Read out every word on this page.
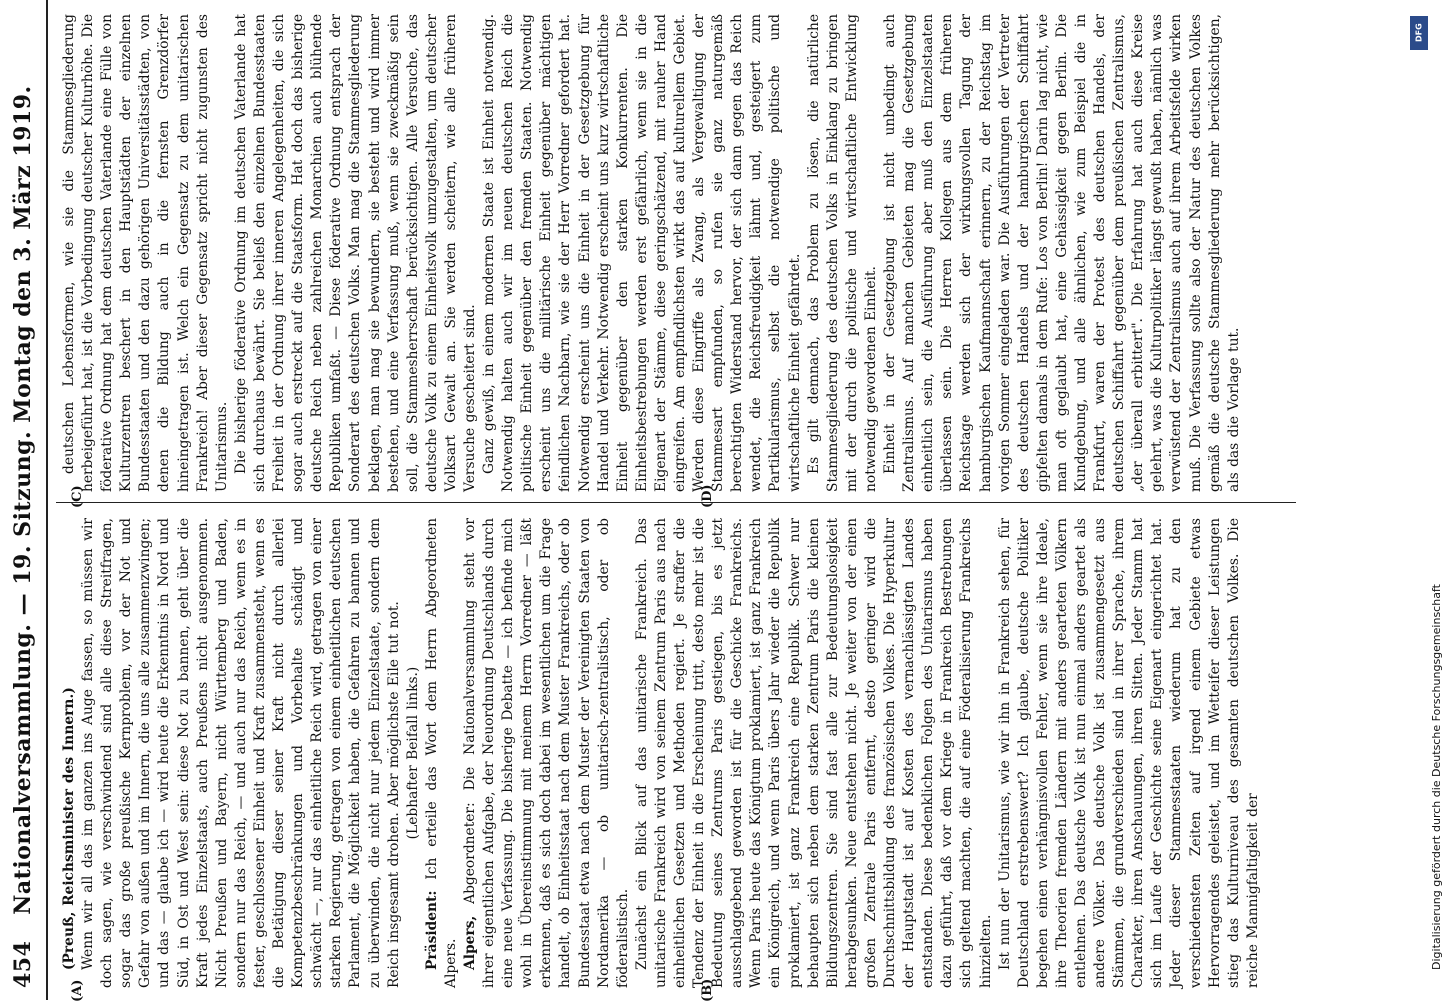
454
Nationalversammlung. — 19. Sitzung. Montag den 3. März 1919.
(A)	(B)
(C)	(D)

(Preuß, Reichsminister des Innern.) Wenn wir all das im ganzen ins Auge fassen, so müssen wir doch sagen, wie verschwindend sind alle diese Streitfragen, sogar das große preußische Kernproblem, vor der Not und Gefahr von außen und im Innern, die uns alle zusammenzwingen; und das — glaube ich — wird heute die Erkenntnis in Nord und Süd, in Ost und West sein: diese Not zu bannen, geht über die Kraft jedes Einzelstaats, auch Preußens nicht ausgenommen. Nicht Preußen und Bayern, nicht Württemberg und Baden, sondern nur das Reich, — und auch nur das Reich, wenn es in fester, geschlossener Einheit und Kraft zusammensteht, wenn es die Betätigung dieser seiner Kraft nicht durch allerlei Kompetenzbeschränkungen und Vorbehalte schädigt und schwächt —, nur das einheitliche Reich wird, getragen von einer starken Regierung, getragen von einem einheitlichen deutschen Parlament, die Möglichkeit haben, die Gefahren zu bannen und zu überwinden, die nicht nur jedem Einzelstaate, sondern dem Reich insgesamt drohen. Aber möglichste Eile tut not. (Lebhafter Beifall links.)

Präsident: Ich erteile das Wort dem Herrn Abgeordneten Alpers. Alpers, Abgeordneter: Die Nationalversammlung steht vor ihrer eigentlichen Aufgabe, der Neuordnung Deutschlands durch eine neue Verfassung. Die bisherige Debatte — ich befinde mich wohl in Übereinstimmung mit meinem Herrn Vorredner — läßt erkennen, daß es sich doch dabei im wesentlichen um die Frage handelt, ob Einheitsstaat nach dem Muster Frankreichs, oder ob Bundesstaat etwa nach dem Muster der Vereinigten Staaten von Nordamerika — ob unitarisch-zentralistisch, oder ob föderalistisch. Zunächst ein Blick auf das unitarische Frankreich. Das unitarische Frankreich wird von seinem Zentrum Paris aus nach einheitlichen Gesetzen und Methoden regiert. Je straffer die Tendenz der Einheit in die Erscheinung tritt, desto mehr ist die Bedeutung seines Zentrums Paris gestiegen, bis es jetzt ausschlaggebend geworden ist für die Geschicke Frankreichs. Wenn Paris heute das Königtum proklamiert, ist ganz Frankreich ein Königreich, und wenn Paris übers Jahr wieder die Republik proklamiert, ist ganz Frankreich eine Republik. Schwer nur behaupten sich neben dem starken Zentrum Paris die kleinen Bildungszentren. Sie sind fast alle zur Bedeutungslosigkeit herabgesunken. Neue entstehen nicht. Je weiter von der einen großen Zentrale Paris entfernt, desto geringer wird die Durchschnittsbildung des französischen Volkes. Die Hyperkultur der Hauptstadt ist auf Kosten des vernachlässigten Landes entstanden. Diese bedenklichen Folgen des Unitarismus haben dazu geführt, daß vor dem Kriege in Frankreich Bestrebungen sich geltend machten, die auf eine Föderalisierung Frankreichs hinzielten. Ist nun der Unitarismus, wie wir ihn in Frankreich sehen, für Deutschland erstrebenswert? Ich glaube, deutsche Politiker begehen einen verhängnisvollen Fehler, wenn sie ihre Ideale, ihre Theorien fremden Ländern mit anders gearteten Völkern entlehnen. Das deutsche Volk ist nun einmal anders geartet als andere Völker. Das deutsche Volk ist zusammengesetzt aus Stämmen, die grundverschieden sind in ihrer Sprache, ihrem Charakter, ihren Anschauungen, ihren Sitten. Jeder Stamm hat sich im Laufe der Geschichte seine Eigenart eingerichtet hat. Jeder dieser Stammesstaaten wiederum hat zu den verschiedensten Zeiten auf irgend einem Gebiete etwas Hervorragendes geleistet, und im Wetteifer dieser Leistungen stieg das Kulturniveau des gesamten deutschen Volkes. Die reiche Mannigfaltigkeit der

deutschen Lebensformen, wie sie die Stammesgliederung herbeigeführt hat, ist die Vorbedingung deutscher Kulturhöhe. Die föderative Ordnung hat dem deutschen Vaterlande eine Fülle von Kulturzentren beschert in den Hauptstädten der einzelnen Bundesstaaten und den dazu gehörigen Universitätsstädten, von denen die Bildung auch in die fernsten Grenzdörfer hineingetragen ist. Welch ein Gegensatz zu dem unitarischen Frankreich! Aber dieser Gegensatz spricht nicht zugunsten des Unitarismus. Die bisherige föderative Ordnung im deutschen Vaterlande hat sich durchaus bewährt. Sie beließ den einzelnen Bundesstaaten Freiheit in der Ordnung ihrer inneren Angelegenheiten, die sich sogar auch erstreckt auf die Staatsform. Hat doch das bisherige deutsche Reich neben zahlreichen Monarchien auch blühende Republiken umfaßt. — Diese föderative Ordnung entsprach der Sonderart des deutschen Volks. Man mag die Stammesgliederung beklagen, man mag sie bewundern, sie besteht und wird immer bestehen, und eine Verfassung muß, wenn sie zweckmäßig sein soll, die Stammesherrschaft berücksichtigen. Alle Versuche, das deutsche Volk zu einem Einheitsvolk umzugestalten, um deutscher Volksart Gewalt an. Sie werden scheitern, wie alle früheren Versuche gescheitert sind. Ganz gewiß, in einem modernen Staate ist Einheit notwendig. Notwendig halten auch wir im neuen deutschen Reich die politische Einheit gegenüber den fremden Staaten. Notwendig erscheint uns die militärische Einheit gegenüber mächtigen feindlichen Nachbarn, wie sie der Herr Vorredner gefordert hat. Notwendig erscheint uns die Einheit in der Gesetzgebung für Handel und Verkehr. Notwendig erscheint uns kurz wirtschaftliche Einheit gegenüber den starken Konkurrenten. Die Einheitsbestrebungen werden erst gefährlich, wenn sie in die Eigenart der Stämme, diese geringschätzend, mit rauher Hand eingreifen. Am empfindlichsten wirkt das auf kulturellem Gebiet. Werden diese Eingriffe als Zwang, als Vergewaltigung der Stammesart empfunden, so rufen sie ganz naturgemäß berechtigten Widerstand hervor, der sich dann gegen das Reich wendet, die Reichsfreudigkeit lähmt und, gesteigert zum Partikularismus, selbst die notwendige politische und wirtschaftliche Einheit gefährdet. Es gilt demnach, das Problem zu lösen, die natürliche Stammesgliederung des deutschen Volks in Einklang zu bringen mit der durch die politische und wirtschaftliche Entwicklung notwendig gewordenen Einheit. Einheit in der Gesetzgebung ist nicht unbedingt auch Zentralismus. Auf manchen Gebieten mag die Gesetzgebung einheitlich sein, die Ausführung aber muß den Einzelstaaten überlassen sein. Die Herren Kollegen aus dem früheren Reichstage werden sich der wirkungsvollen Tagung der hamburgischen Kaufmannschaft erinnern, zu der Reichstag im vorigen Sommer eingeladen war. Die Ausführungen der Vertreter des deutschen Handels und der hamburgischen Schiffahrt gipfelten damals in dem Rufe: Los von Berlin! Darin lag nicht, wie man oft geglaubt hat, eine Gehässigkeit gegen Berlin. Die Kundgebung, und alle ähnlichen, wie zum Beispiel die in Frankfurt, waren der Protest des deutschen Handels, der deutschen Schiffahrt gegenüber dem preußischen Zentralismus, „der überall erbittert". Die Erfahrung hat auch diese Kreise gelehrt, was die Kulturpolitiker längst gewußt haben, nämlich was verwüstend der Zentralismus auch auf ihrem Arbeitsfelde wirken muß. Die Verfassung sollte also der Natur des deutschen Volkes gemäß die deutsche Stammesgliederung mehr berücksichtigen, als das die Vorlage tut.

DFG
Digitalisierung gefördert durch die Deutsche Forschungsgemeinschaft
